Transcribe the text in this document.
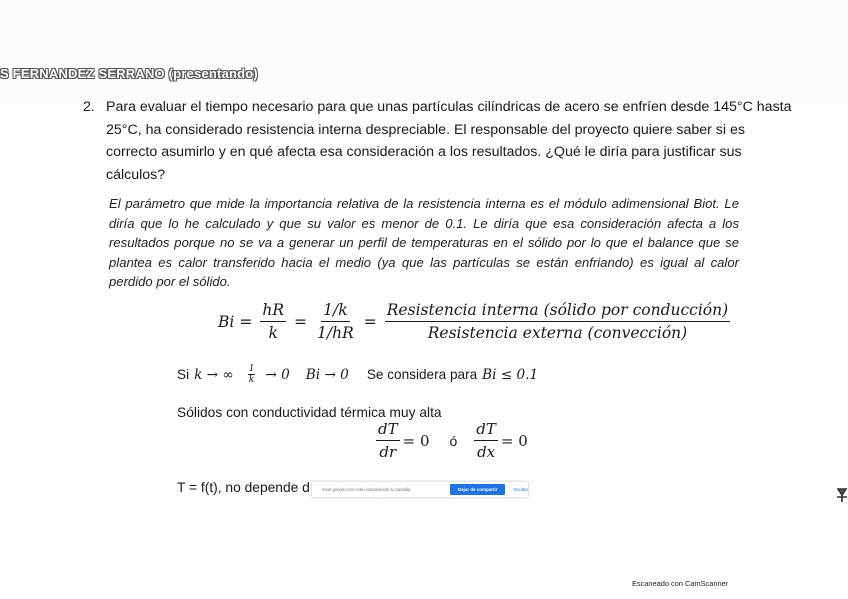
S FERNANDEZ SERRANO (presentando)
2. Para evaluar el tiempo necesario para que unas partículas cilíndricas de acero se enfríen desde 145°C hasta 25°C, ha considerado resistencia interna despreciable. El responsable del proyecto quiere saber si es correcto asumirlo y en qué afecta esa consideración a los resultados. ¿Qué le diría para justificar sus cálculos?
El parámetro que mide la importancia relativa de la resistencia interna es el módulo adimensional Biot. Le diría que lo he calculado y que su valor es menor de 0.1. Le diría que esa consideración afecta a los resultados porque no se va a generar un perfil de temperaturas en el sólido por lo que el balance que se plantea es calor transferido hacia el medio (ya que las partículas se están enfriando) es igual al calor perdido por el sólido.
$Bi = \frac{hR}{k} = \frac{1/k}{1/hR} = \frac{\text{Resistencia interna (sólido por conducción)}}{\text{Resistencia externa (convección)}}$
Si k → ∞ $\frac{1}{k} \to 0$ Bi → 0 Se considera para Bi ≤ 0.1
Sólidos con conductividad térmica muy alta
$\frac{dT}{dr} = 0$ ó $\frac{dT}{dx} = 0$
T = f(t), no depende d	meet.google.com está compartiendo tu pantalla.	Dejar de compartir	Ocultar
Escaneado con CamScanner
